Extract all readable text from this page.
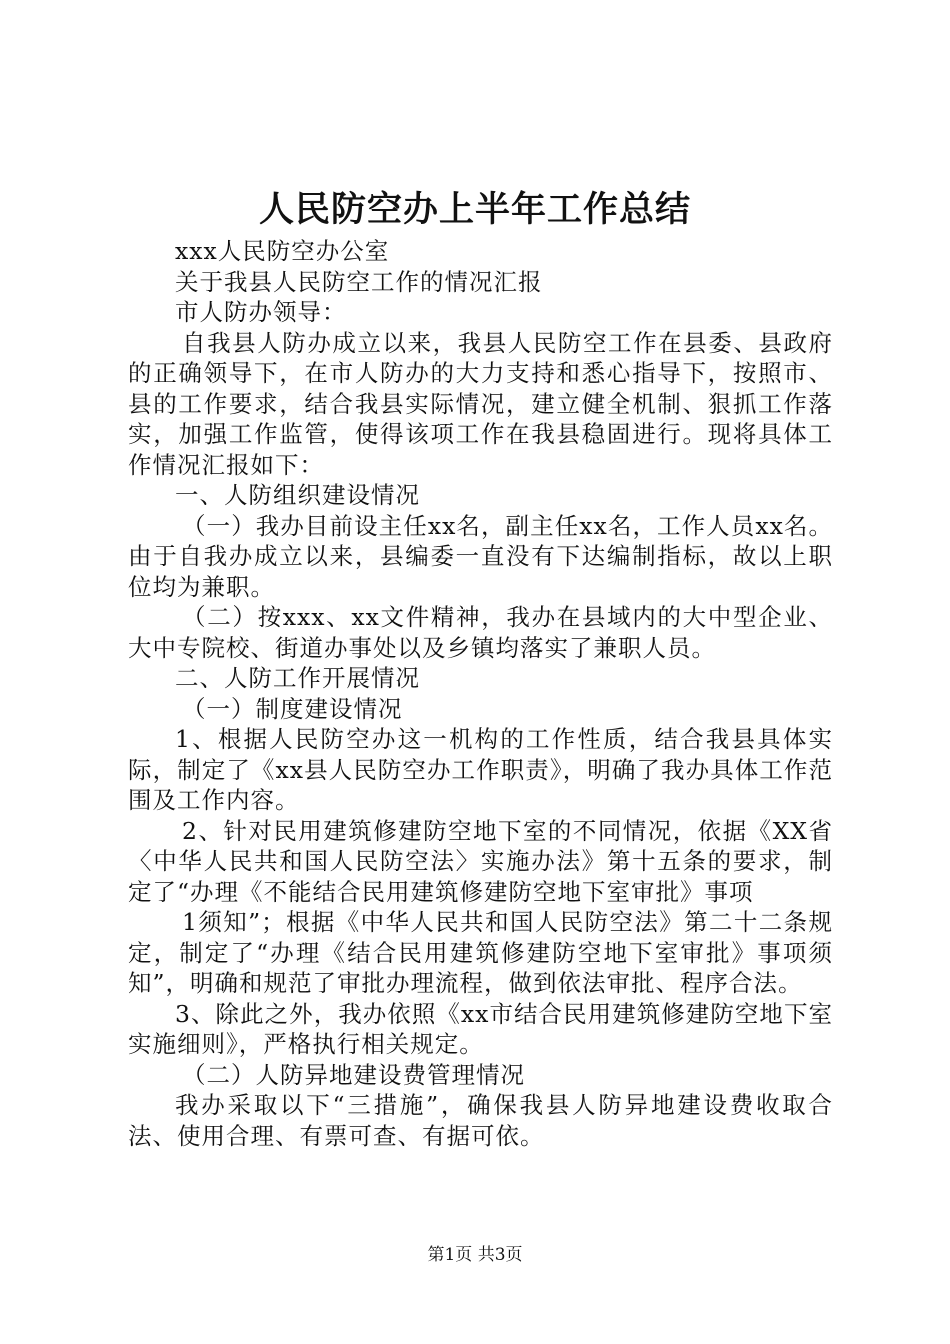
人民防空办上半年工作总结

xxx人民防空办公室

关于我县人民防空工作的情况汇报

市人防办领导：

自我县人防办成立以来，我县人民防空工作在县委、县政府的正确领导下，在市人防办的大力支持和悉心指导下，按照市、县的工作要求，结合我县实际情况，建立健全机制、狠抓工作落实，加强工作监管，使得该项工作在我县稳固进行。现将具体工作情况汇报如下：

一、人防组织建设情况

（一）我办目前设主任xx名，副主任xx名，工作人员xx名。由于自我办成立以来，县编委一直没有下达编制指标，故以上职位均为兼职。

（二）按xxx、xx文件精神，我办在县域内的大中型企业、大中专院校、街道办事处以及乡镇均落实了兼职人员。

二、人防工作开展情况

（一）制度建设情况

1、根据人民防空办这一机构的工作性质，结合我县具体实际，制定了《xx县人民防空办工作职责》，明确了我办具体工作范围及工作内容。

2、针对民用建筑修建防空地下室的不同情况，依据《XX省〈中华人民共和国人民防空法〉实施办法》第十五条的要求，制定了“办理《不能结合民用建筑修建防空地下室审批》事项

1须知”；根据《中华人民共和国人民防空法》第二十二条规定，制定了“办理《结合民用建筑修建防空地下室审批》事项须知”，明确和规范了审批办理流程，做到依法审批、程序合法。

3、除此之外，我办依照《xx市结合民用建筑修建防空地下室实施细则》，严格执行相关规定。

（二）人防异地建设费管理情况

我办采取以下“三措施”，确保我县人防异地建设费收取合法、使用合理、有票可查、有据可依。

第1页 共3页
